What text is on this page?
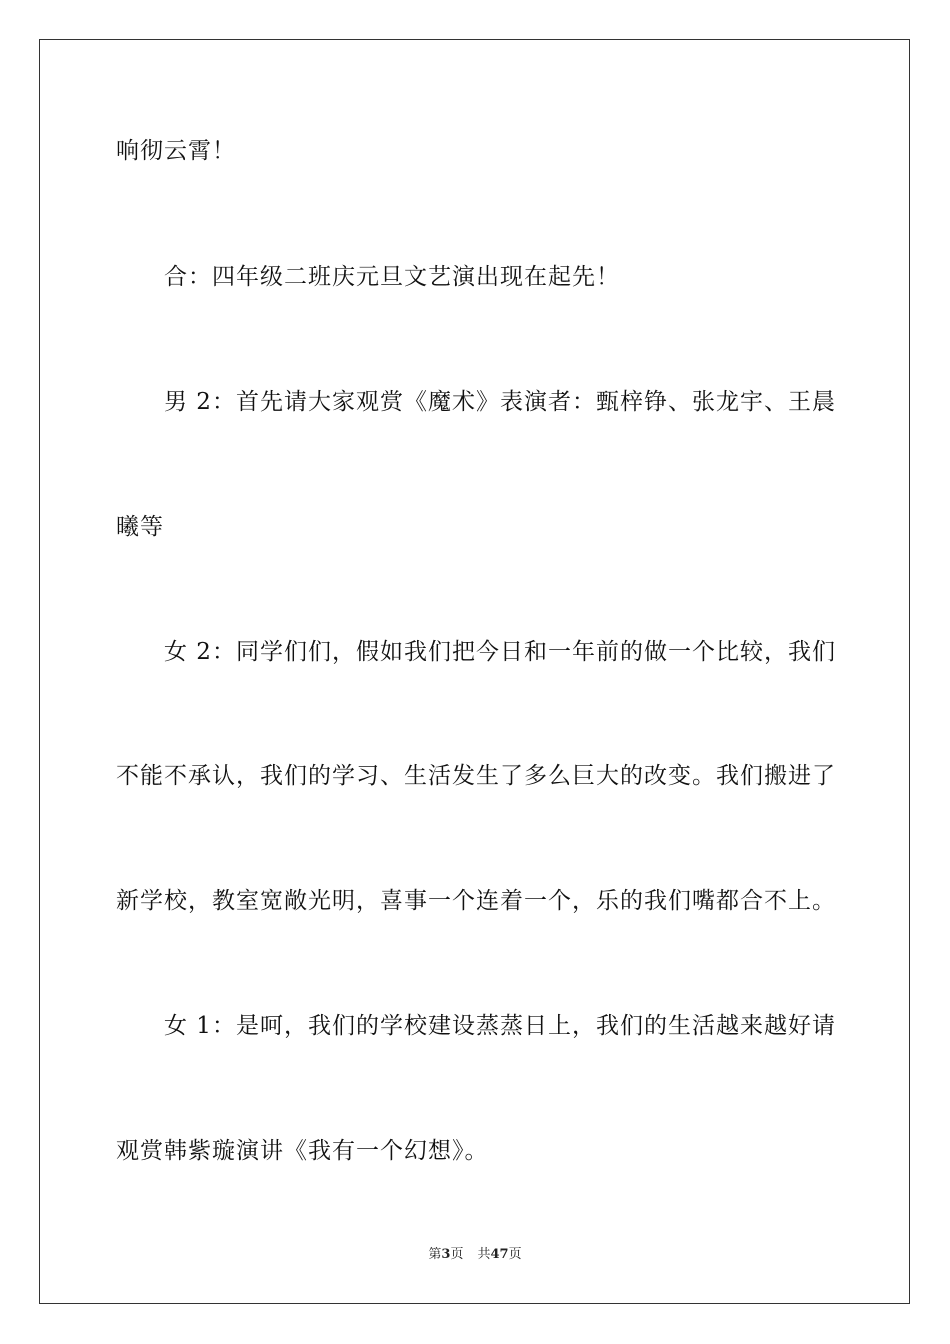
响彻云霄！
合：四年级二班庆元旦文艺演出现在起先！
男 2：首先请大家观赏《魔术》表演者：甄梓铮、张龙宇、王晨
曦等
女 2：同学们们，假如我们把今日和一年前的做一个比较，我们
不能不承认，我们的学习、生活发生了多么巨大的改变。我们搬进了
新学校，教室宽敞光明，喜事一个连着一个，乐的我们嘴都合不上。
女 1：是呵，我们的学校建设蒸蒸日上，我们的生活越来越好请
观赏韩紫璇演讲《我有一个幻想》。
第3页 共47页
